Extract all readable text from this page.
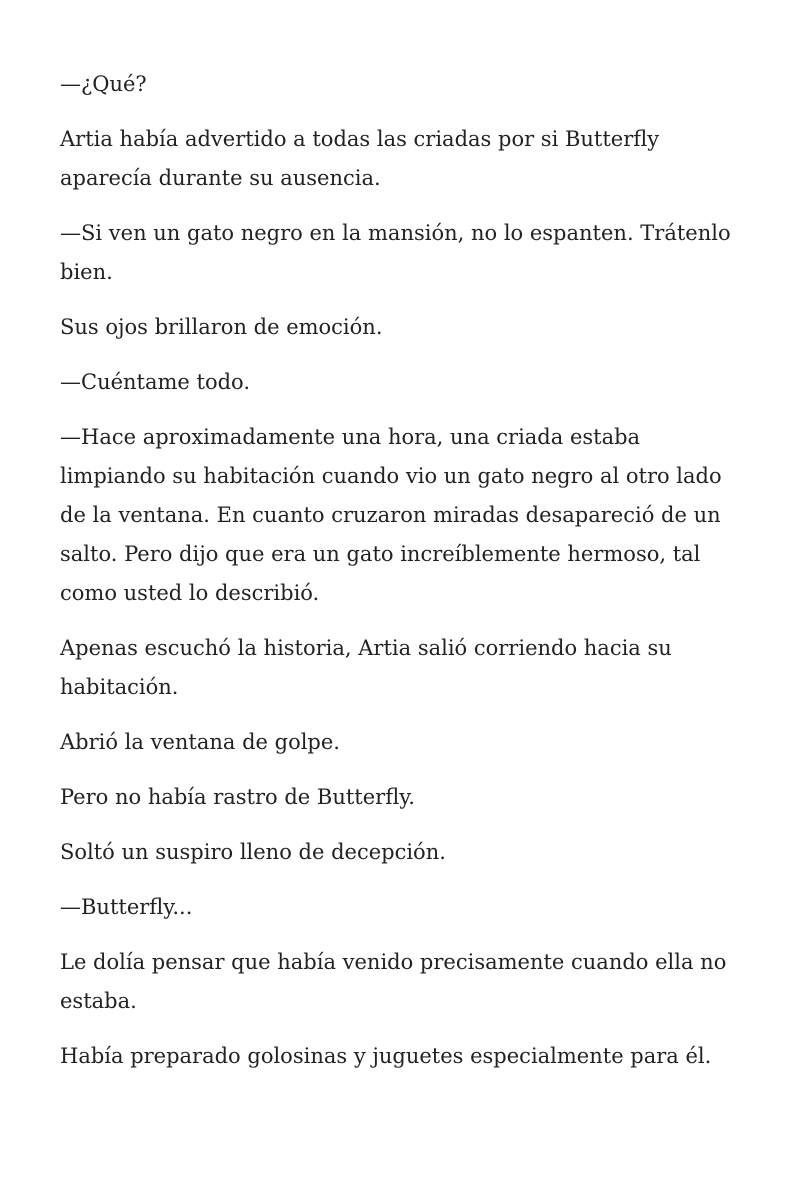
—¿Qué?

Artia había advertido a todas las criadas por si Butterfly aparecía durante su ausencia.

—Si ven un gato negro en la mansión, no lo espanten. Trátenlo bien.

Sus ojos brillaron de emoción.

—Cuéntame todo.

—Hace aproximadamente una hora, una criada estaba limpiando su habitación cuando vio un gato negro al otro lado de la ventana. En cuanto cruzaron miradas desapareció de un salto. Pero dijo que era un gato increíblemente hermoso, tal como usted lo describió.

Apenas escuchó la historia, Artia salió corriendo hacia su habitación.

Abrió la ventana de golpe.

Pero no había rastro de Butterfly.

Soltó un suspiro lleno de decepción.

—Butterfly...

Le dolía pensar que había venido precisamente cuando ella no estaba.

Había preparado golosinas y juguetes especialmente para él.
